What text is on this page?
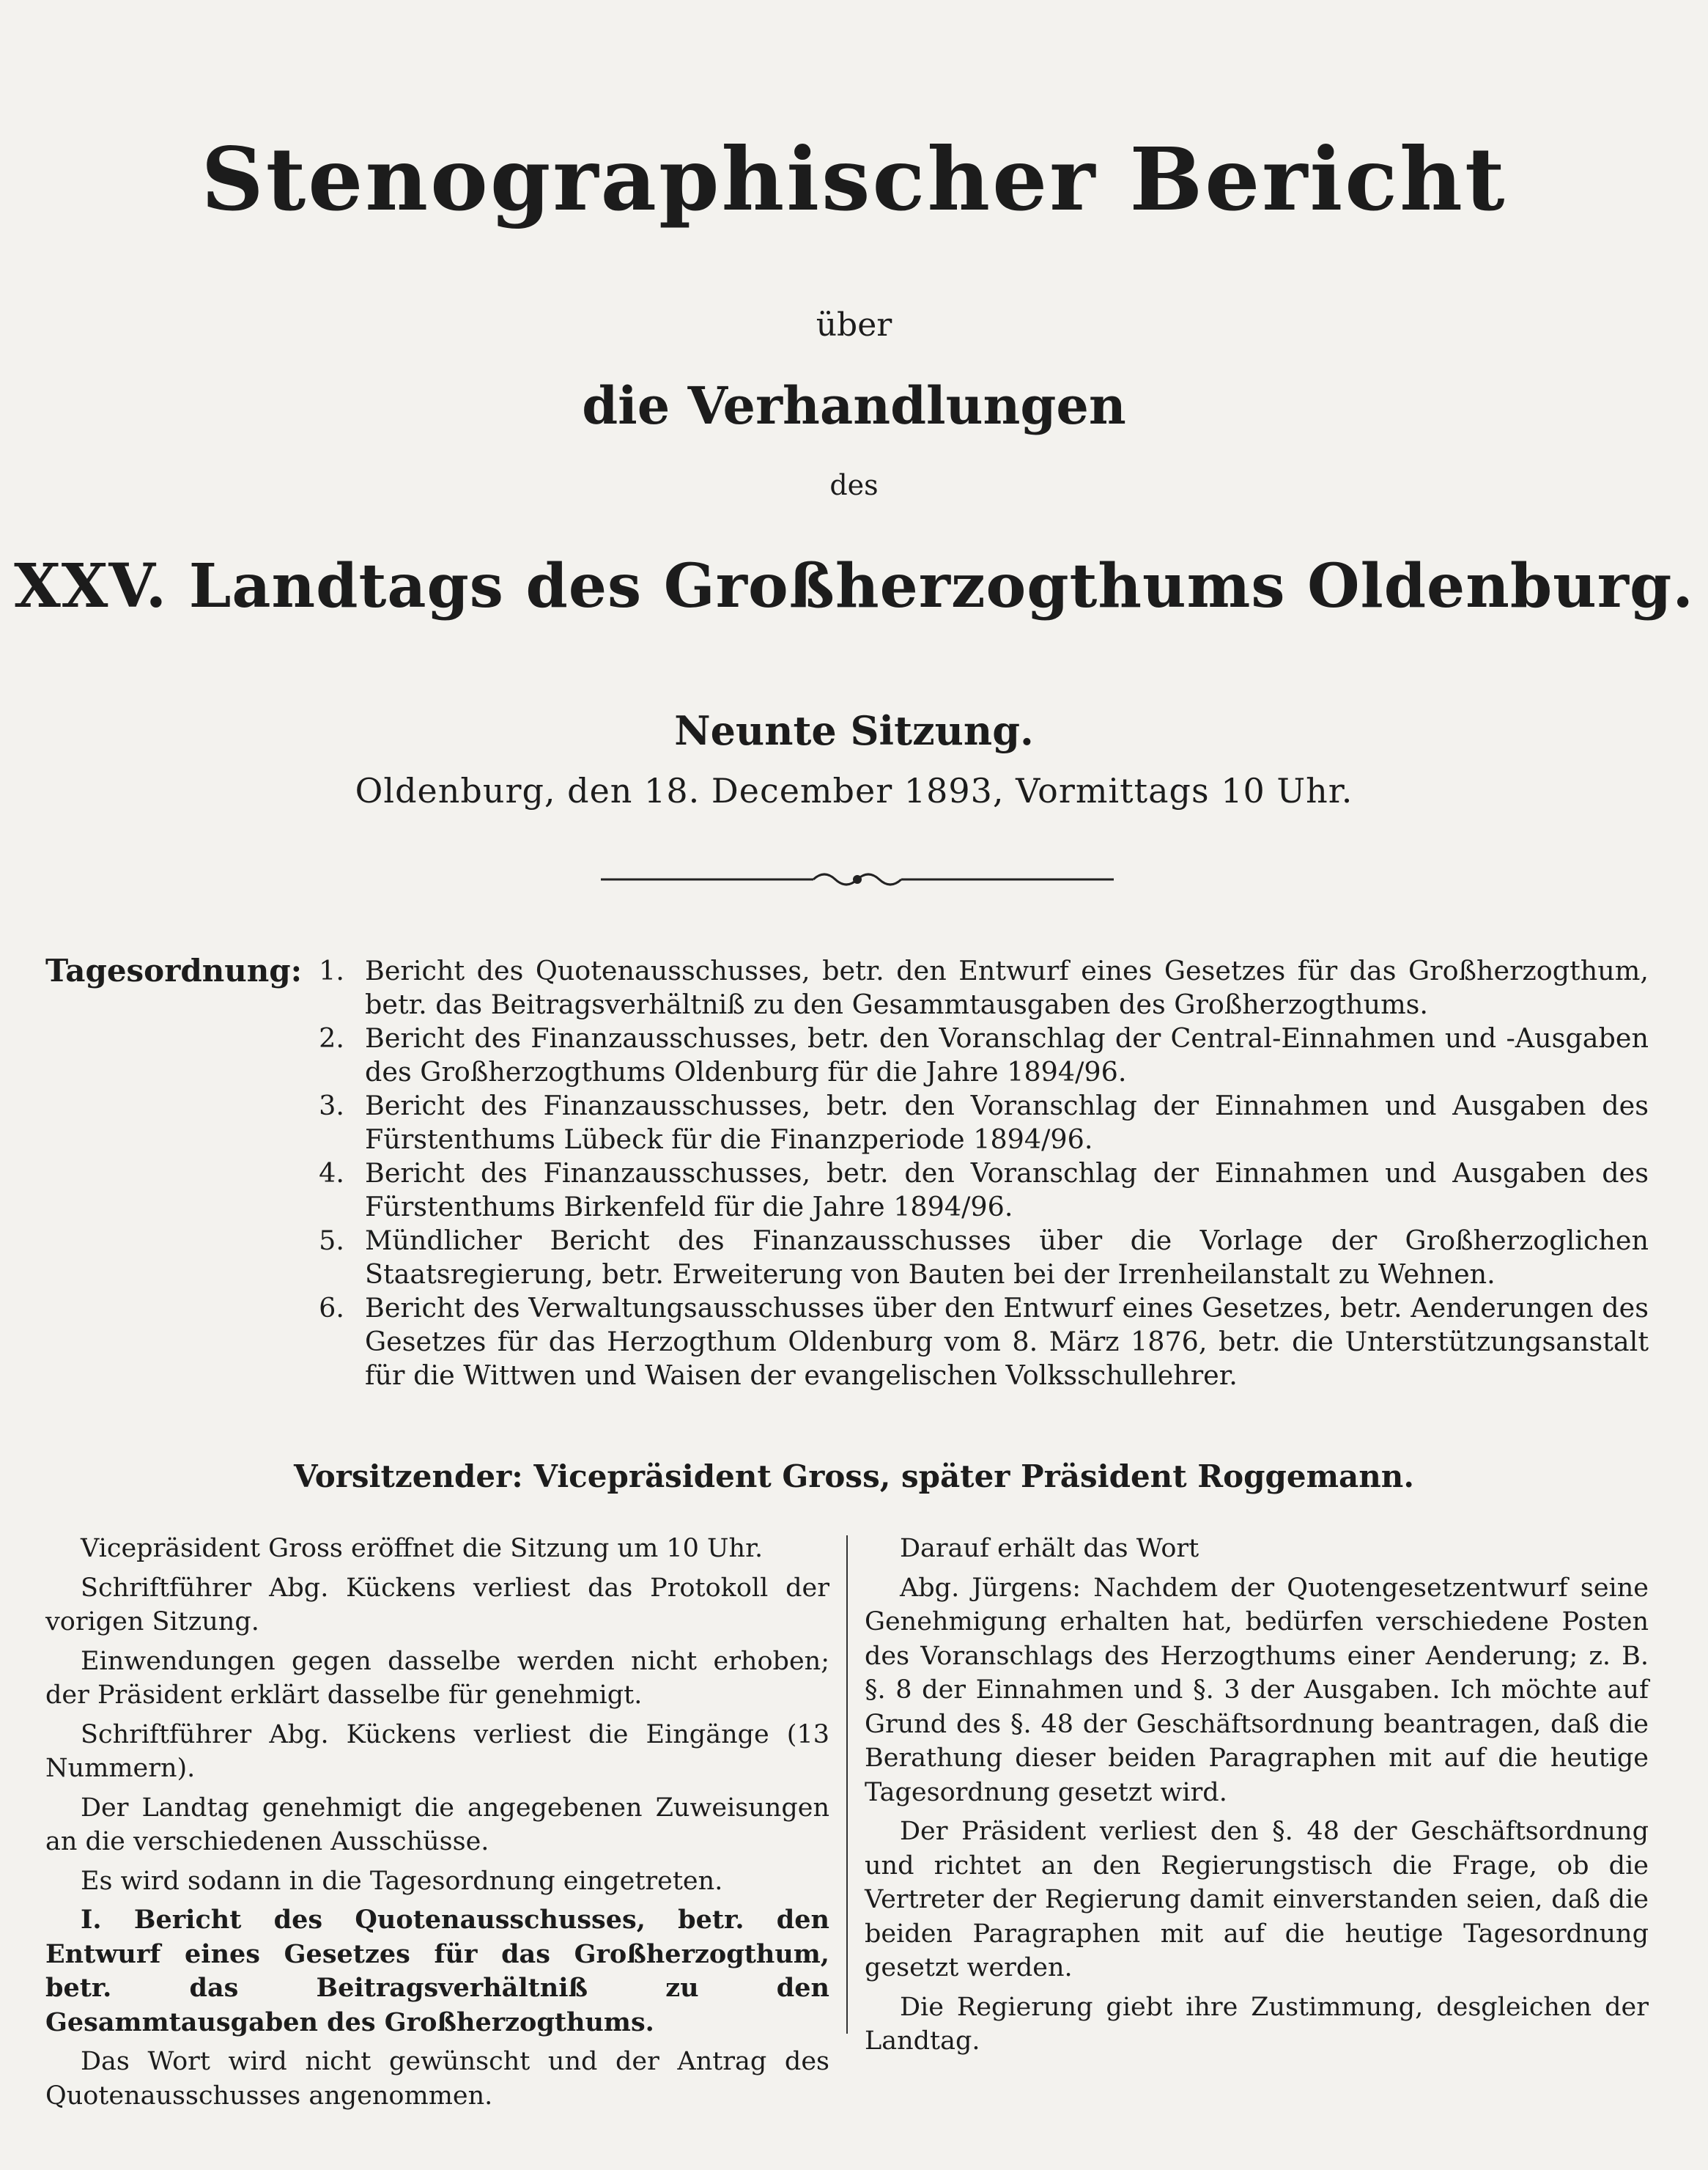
Stenographischer Bericht
über
die Verhandlungen
des
XXV. Landtags des Großherzogthums Oldenburg.
Neunte Sitzung.
Oldenburg, den 18. December 1893, Vormittags 10 Uhr.
Tagesordnung: 1. Bericht des Quotenausschusses, betr. den Entwurf eines Gesetzes für das Großherzogthum, betr. das Beitragsverhältniß zu den Gesammtausgaben des Großherzogthums.
2. Bericht des Finanzausschusses, betr. den Voranschlag der Central-Einnahmen und -Ausgaben des Großherzogthums Oldenburg für die Jahre 1894/96.
3. Bericht des Finanzausschusses, betr. den Voranschlag der Einnahmen und Ausgaben des Fürstenthums Lübeck für die Finanzperiode 1894/96.
4. Bericht des Finanzausschusses, betr. den Voranschlag der Einnahmen und Ausgaben des Fürstenthums Birkenfeld für die Jahre 1894/96.
5. Mündlicher Bericht des Finanzausschusses über die Vorlage der Großherzoglichen Staatsregierung, betr. Erweiterung von Bauten bei der Irrenheilanstalt zu Wehnen.
6. Bericht des Verwaltungsausschusses über den Entwurf eines Gesetzes, betr. Aenderungen des Gesetzes für das Herzogthum Oldenburg vom 8. März 1876, betr. die Unterstützungsanstalt für die Wittwen und Waisen der evangelischen Volksschullehrer.
Vorsitzender: Vicepräsident Gross, später Präsident Roggemann.

Vicepräsident Gross eröffnet die Sitzung um 10 Uhr.

Schriftführer Abg. Kückens verliest das Protokoll der vorigen Sitzung.

Einwendungen gegen dasselbe werden nicht erhoben; der Präsident erklärt dasselbe für genehmigt.

Schriftführer Abg. Kückens verliest die Eingänge (13 Nummern).

Der Landtag genehmigt die angegebenen Zuweisungen an die verschiedenen Ausschüsse.

Es wird sodann in die Tagesordnung eingetreten.

I. Bericht des Quotenausschusses, betr. den Entwurf eines Gesetzes für das Großherzogthum, betr. das Beitragsverhältniß zu den Gesammtausgaben des Großherzogthums.

Das Wort wird nicht gewünscht und der Antrag des Quotenausschusses angenommen.

Darauf erhält das Wort

Abg. Jürgens: Nachdem der Quotengesetzentwurf seine Genehmigung erhalten hat, bedürfen verschiedene Posten des Voranschlags des Herzogthums einer Aenderung; z. B. §. 8 der Einnahmen und §. 3 der Ausgaben. Ich möchte auf Grund des §. 48 der Geschäftsordnung beantragen, daß die Berathung dieser beiden Paragraphen mit auf die heutige Tagesordnung gesetzt wird.

Der Präsident verliest den §. 48 der Geschäftsordnung und richtet an den Regierungstisch die Frage, ob die Vertreter der Regierung damit einverstanden seien, daß die beiden Paragraphen mit auf die heutige Tagesordnung gesetzt werden.

Die Regierung giebt ihre Zustimmung, desgleichen der Landtag.
